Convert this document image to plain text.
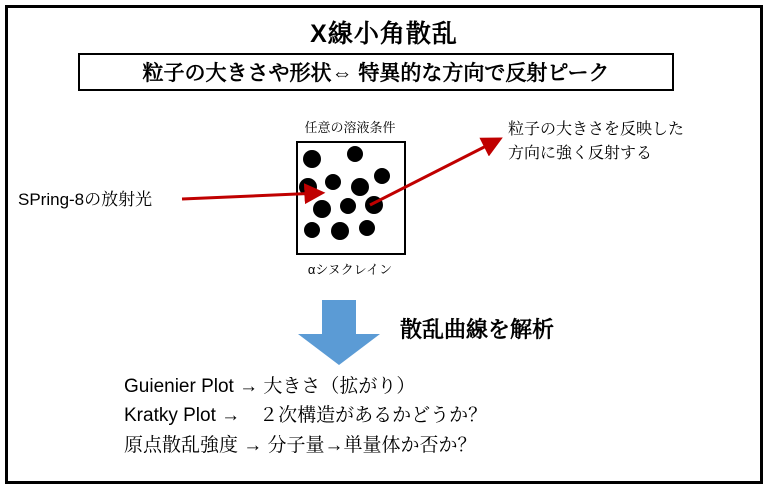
X線小角散乱
粒子の大きさや形状⇔ 特異的な方向で反射ピーク
任意の溶液条件
αシヌクレイン
SPring-8の放射光
粒子の大きさを反映した
方向に強く反射する
散乱曲線を解析
Guienier Plot → 大きさ（拡がり）
Kratky Plot →　２次構造があるかどうか？
原点散乱強度 → 分子量→単量体か否か？
